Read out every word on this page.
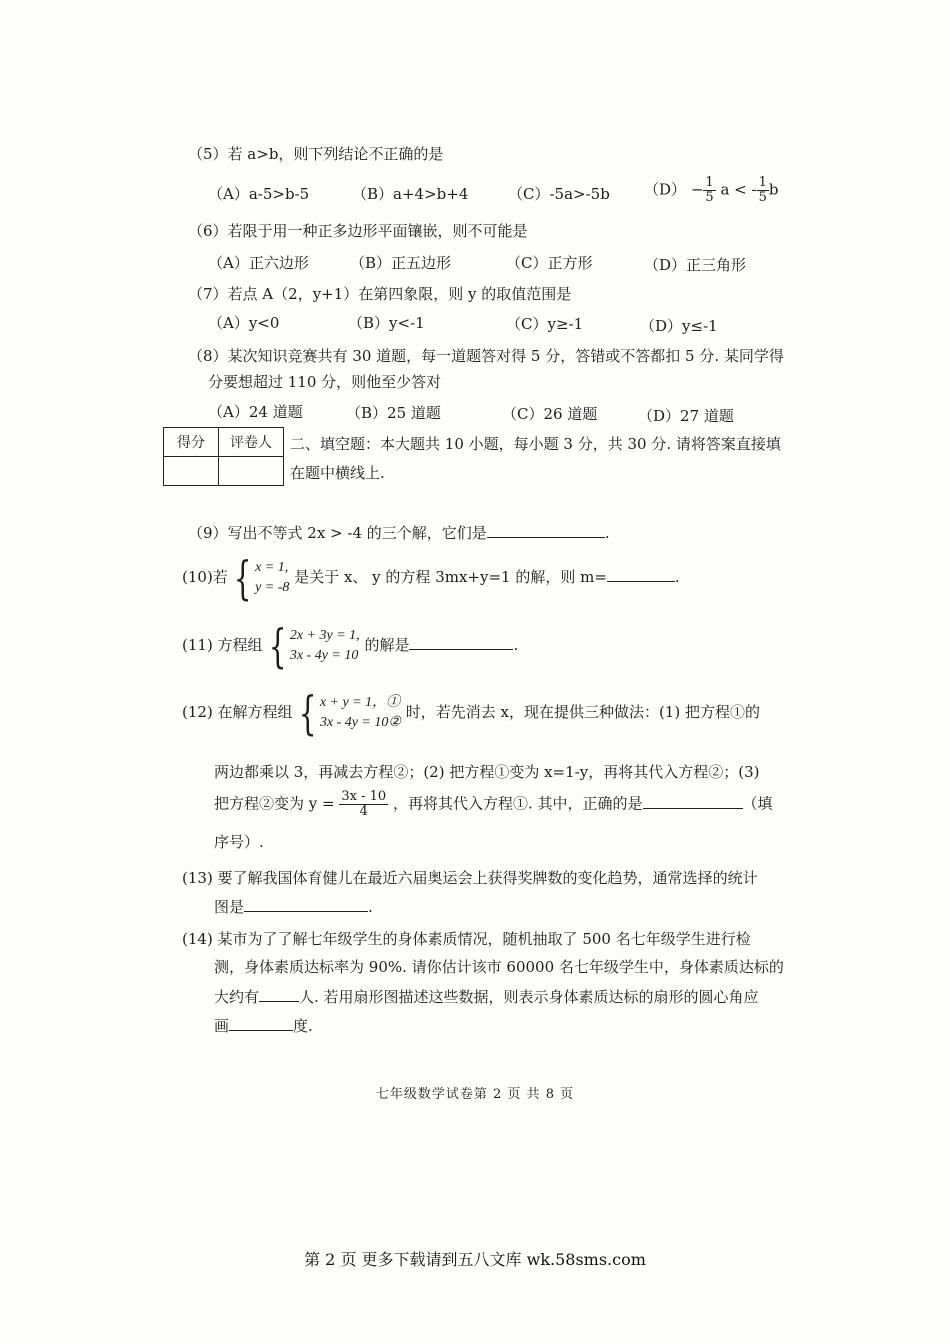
（5）若 a>b，则下列结论不正确的是
（A）a-5>b-5	（B）a+4>b+4	（C）-5a>-5b $(D) - \frac{1}{5}$ a < - $\frac{1}{5}$ b
（6）若限于用一种正多边形平面镶嵌，则不可能是
（A）正六边形	（B）正五边形	（C）正方形	（D）正三角形
（7）若点 A（2，y+1）在第四象限，则 y 的取值范围是
（A）y<0	（B）y<-1	（C）y≥-1	（D）y≤-1
（8）某次知识竞赛共有 30 道题，每一道题答对得 5 分，答错或不答都扣 5 分. 某同学得
分要想超过 110 分，则他至少答对
（A）24 道题	（B）25 道题	（C）26 道题	（D）27 道题
得分	评卷人
	二、填空题：本大题共 10 小题，每小题 3 分，共 30 分. 请将答案直接填
在题中横线上.
（9）写出不等式 2x > -4 的三个解，它们是	.
(10)若 { x = 1,
y = -8
是关于 x、 y 的方程 3mx+y=1 的解，则 m=	.
(11) 方程组 { 2x + 3y = 1,
3x - 4y = 10
的解是	.
(12) 在解方程组 { x + y = 1，①
3x - 4y = 10②
时，若先消去 x，现在提供三种做法：(1) 把方程①的
两边都乘以 3，再减去方程②；(2) 把方程①变为 x=1-y，再将其代入方程②；(3)
把方程②变为 $y = \frac{3x - 10}{4}$ ，再将其代入方程①. 其中，正确的是	（填
序号）.
(13) 要了解我国体育健儿在最近六届奥运会上获得奖牌数的变化趋势，通常选择的统计
图是	.
(14) 某市为了了解七年级学生的身体素质情况，随机抽取了 500 名七年级学生进行检
测，身体素质达标率为 90%. 请你估计该市 60000 名七年级学生中，身体素质达标的
大约有	人. 若用扇形图描述这些数据，则表示身体素质达标的扇形的圆心角应
画	度.
七年级数学试卷第 2 页 共 8 页
第 2 页 更多下载请到五八文库 wk.58sms.com
